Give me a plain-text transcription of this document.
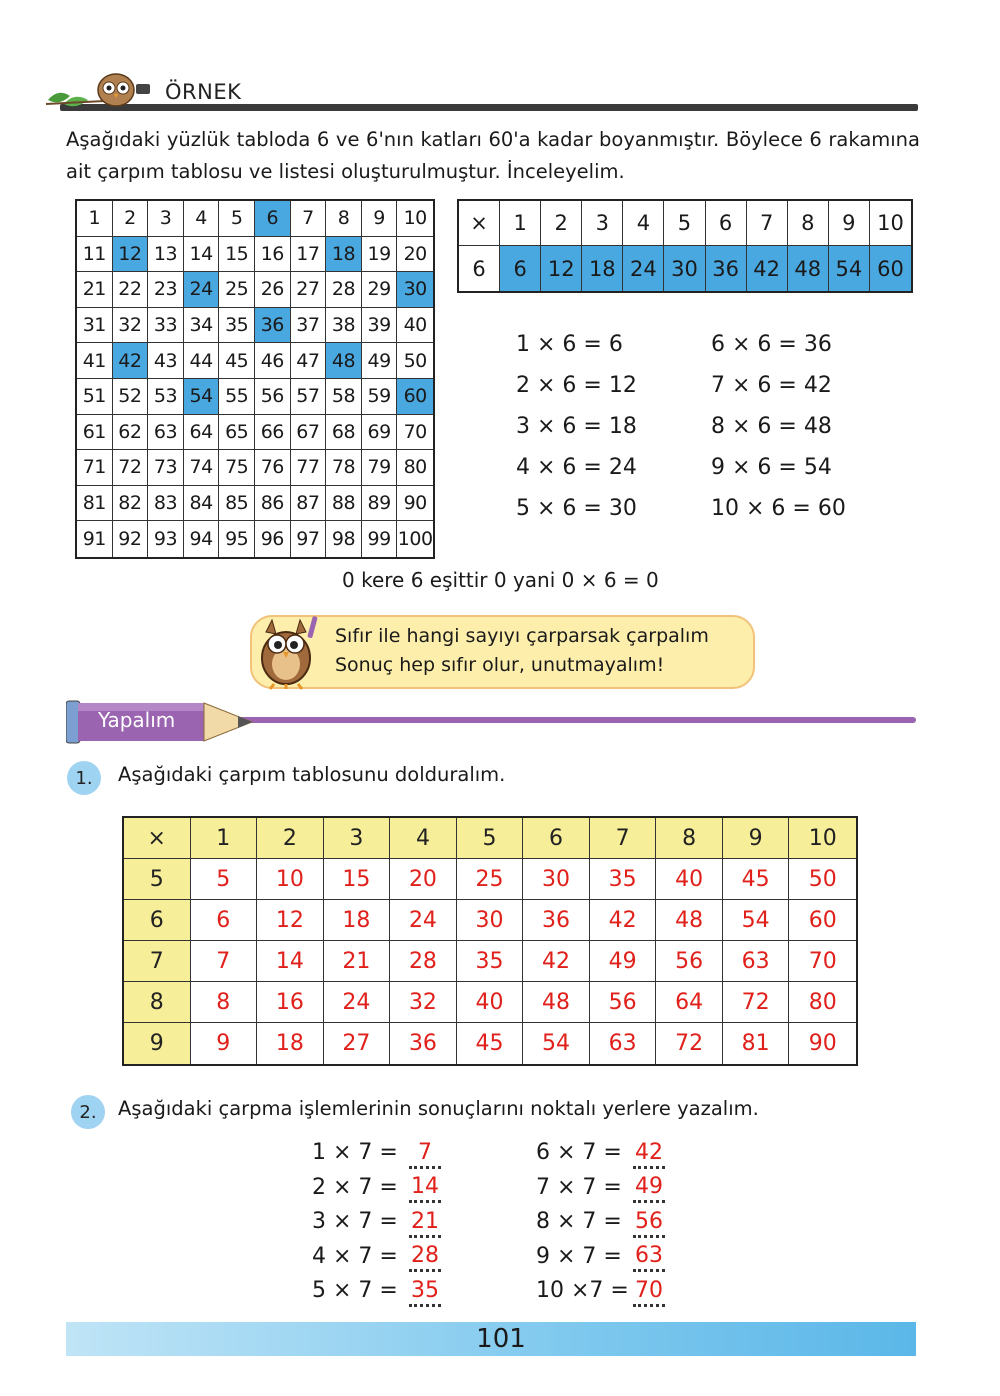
ÖRNEK
Aşağıdaki yüzlük tabloda 6 ve 6'nın katları 60'a kadar boyanmıştır. Böylece 6 rakamına ait çarpım tablosu ve listesi oluşturulmuştur. İnceleyelim.
1	2	3	4	5	6	7	8	9 10
11 12 13 14 15 16 17 18 19 20
21 22 23 24 25 26 27 28 29 30
31 32 33 34 35 36 37 38 39 40
41 42 43 44 45 46 47 48 49 50
51 52 53 54 55 56 57 58 59 60
61 62 63 64 65 66 67 68 69 70
71 72 73 74 75 76 77 78 79 80
81 82 83 84 85 86 87 88 89 90
91 92 93 94 95 96 97 98 99 100
×	1	2	3	4	5	6	7	8	9	10
6	6	12 18 24 30 36 42 48 54 60
1 × 6 = 6
2 × 6 = 12
3 × 6 = 18
4 × 6 = 24
5 × 6 = 30
6 × 6 = 36
7 × 6 = 42
8 × 6 = 48
9 × 6 = 54
10 × 6 = 60
0 kere 6 eşittir 0 yani 0 × 6 = 0
Sıfır ile hangi sayıyı çarparsak çarpalım
Sonuç hep sıfır olur, unutmayalım!
Yapalım
1.	Aşağıdaki çarpım tablosunu dolduralım.
×	1	2	3	4	5	6	7	8	9	10
5	5	10	15	20	25	30	35	40	45	50
6	6	12	18	24	30	36	42	48	54	60
7	7	14	21	28	35	42	49	56	63	70
8	8	16	24	32	40	48	56	64	72	80
9	9	18	27	36	45	54	63	72	81	90
2.	Aşağıdaki çarpma işlemlerinin sonuçlarını noktalı yerlere yazalım.
1 × 7 = 7
2 × 7 = 14
3 × 7 = 21
4 × 7 = 28
5 × 7 = 35
6 × 7 = 42
7 × 7 = 49
8 × 7 = 56
9 × 7 = 63
10 ×7 = 70
101
